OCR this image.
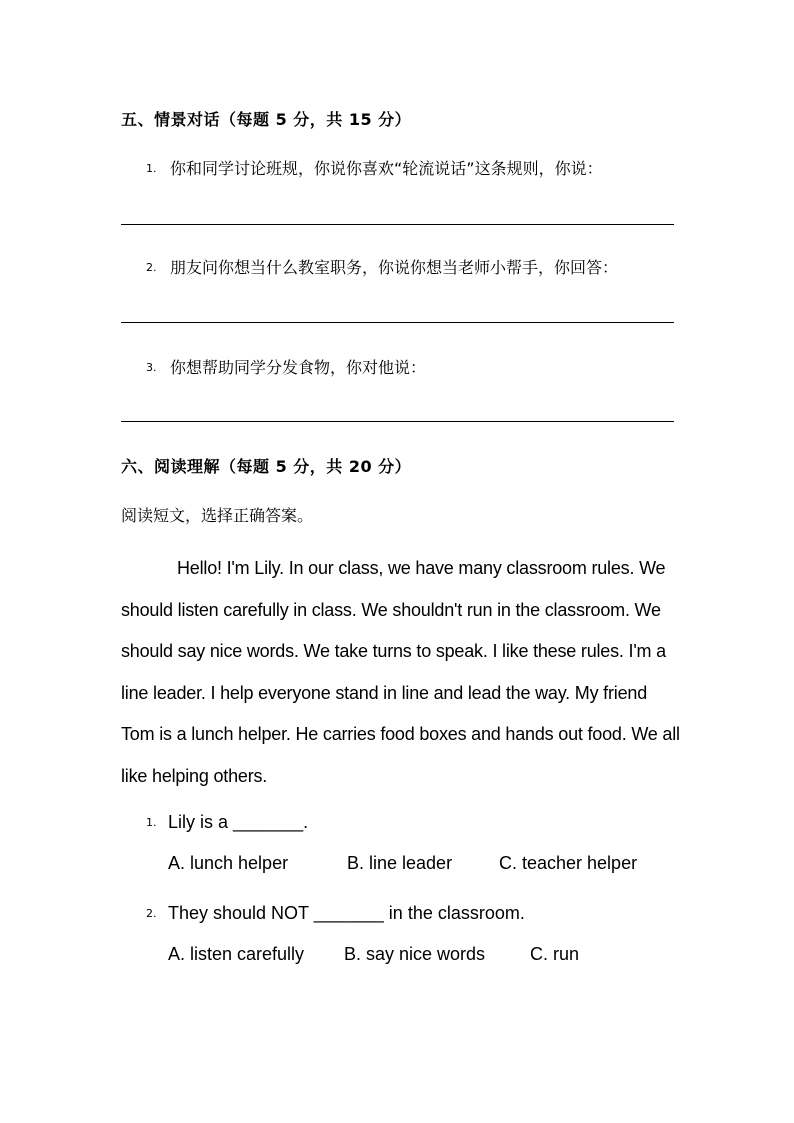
五、情景对话（每题 5 分，共 15 分）
1. 你和同学讨论班规，你说你喜欢“轮流说话”这条规则，你说：
2. 朋友问你想当什么教室职务，你说你想当老师小帮手，你回答：
3. 你想帮助同学分发食物，你对他说：
六、阅读理解（每题 5 分，共 20 分）
阅读短文，选择正确答案。

Hello! I'm Lily. In our class, we have many classroom rules. We should listen carefully in class. We shouldn't run in the classroom. We should say nice words. We take turns to speak. I like these rules. I'm a line leader. I help everyone stand in line and lead the way. My friend Tom is a lunch helper. He carries food boxes and hands out food. We all like helping others.

1. Lily is a _______.
A. lunch helper	B. line leader	C. teacher helper
2. They should NOT _______ in the classroom.
A. listen carefully B. say nice words C. run
